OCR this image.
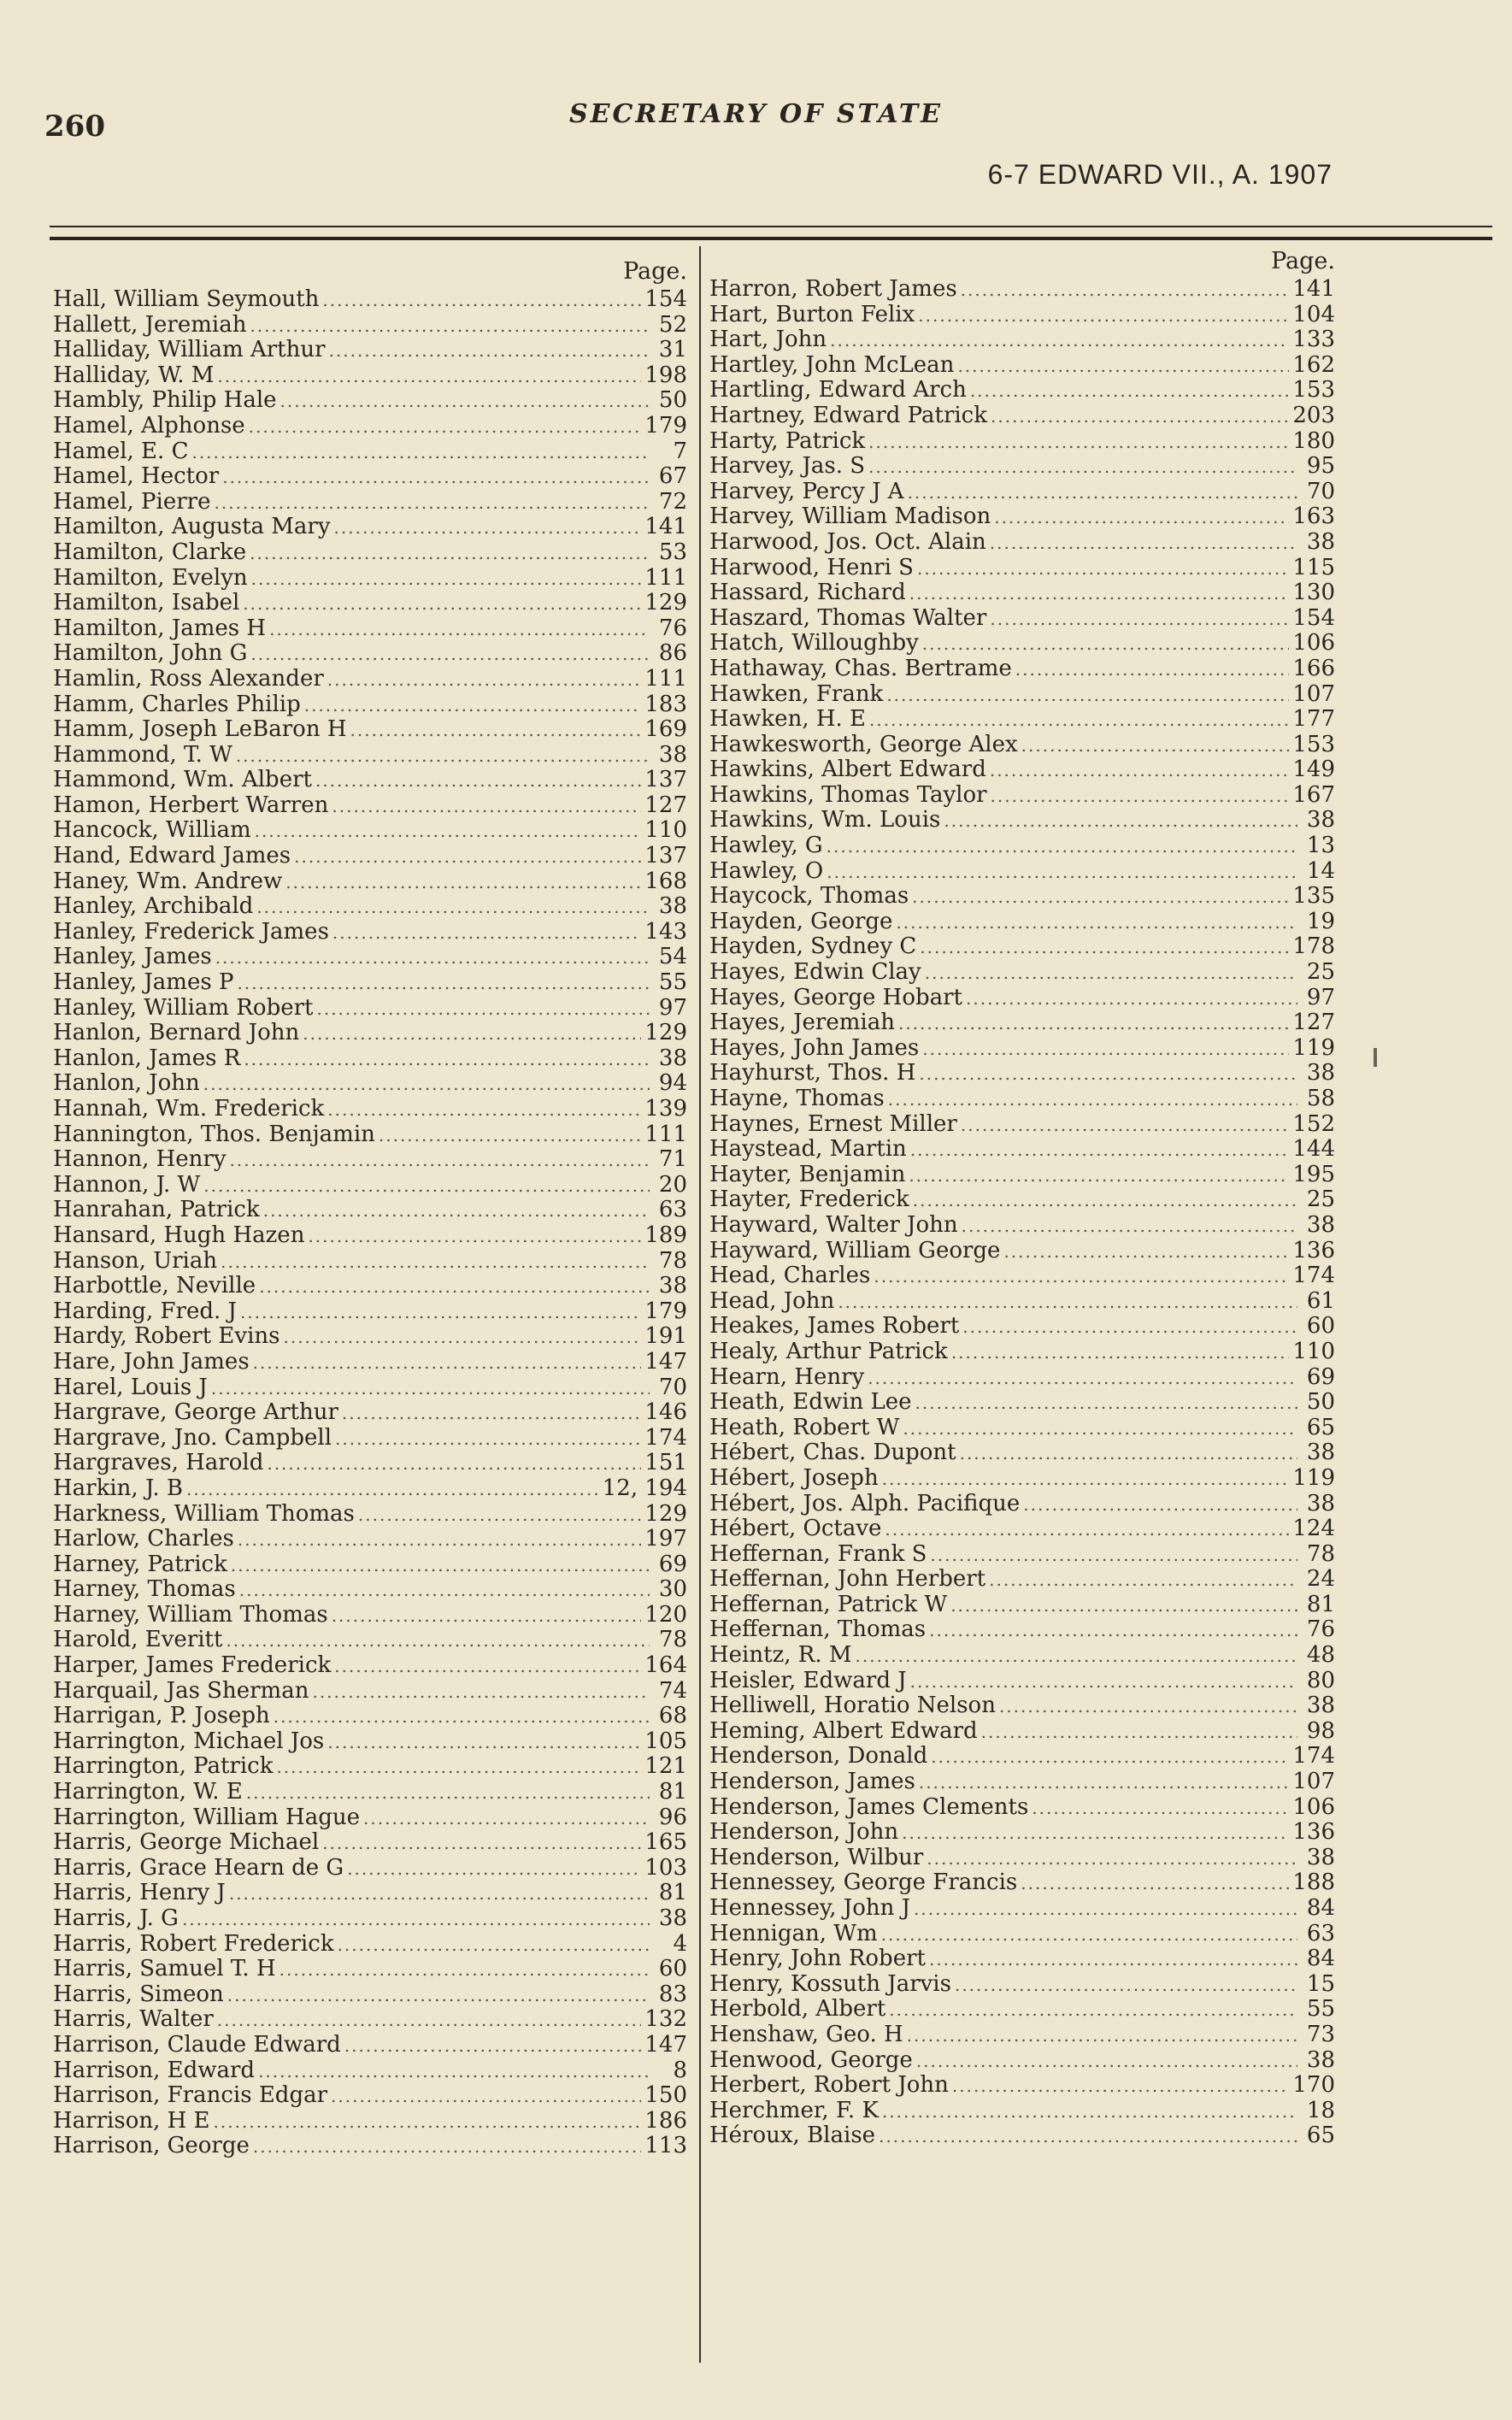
260	SECRETARY OF STATE
6-7 EDWARD VII., A. 1907
Page.
Hall, William Seymouth .....	154
Hallett, Jeremiah .....	52
Halliday, William Arthur .....	31
Halliday, W. M .....	198
Hambly, Philip Hale .....	50
Hamel, Alphonse .....	179
Hamel, E. C .....	7
Hamel, Hector .....	67
Hamel, Pierre .....	72
Hamilton, Augusta Mary .....	141
Hamilton, Clarke .....	53
Hamilton, Evelyn .....	111
Hamilton, Isabel .....	129
Hamilton, James H .....	76
Hamilton, John G .....	86
Hamlin, Ross Alexander .....	111
Hamm, Charles Philip .....	183
Hamm, Joseph LeBaron H .....	169
Hammond, T. W .....	38
Hammond, Wm. Albert .....	137
Hamon, Herbert Warren .....	127
Hancock, William .....	110
Hand, Edward James .....	137
Haney, Wm. Andrew .....	168
Hanley, Archibald .....	38
Hanley, Frederick James .....	143
Hanley, James .....	54
Hanley, James P .....	55
Hanley, William Robert .....	97
Hanlon, Bernard John .....	129
Hanlon, James R .....	38
Hanlon, John .....	94
Hannah, Wm. Frederick .....	139
Hannington, Thos. Benjamin .....	111
Hannon, Henry .....	71
Hannon, J. W .....	20
Hanrahan, Patrick .....	63
Hansard, Hugh Hazen .....	189
Hanson, Uriah .....	78
Harbottle, Neville .....	38
Harding, Fred. J .....	179
Hardy, Robert Evins .....	191
Hare, John James .....	147
Harel, Louis J .....	70
Hargrave, George Arthur .....	146
Hargrave, Jno. Campbell .....	174
Hargraves, Harold .....	151
Harkin, J. B .....	12, 194
Harkness, William Thomas .....	129
Harlow, Charles .....	197
Harney, Patrick .....	69
Harney, Thomas .....	30
Harney, William Thomas .....	120
Harold, Everitt .....	78
Harper, James Frederick .....	164
Harquail, Jas Sherman .....	74
Harrigan, P. Joseph .....	68
Harrington, Michael Jos .....	105
Harrington, Patrick .....	121
Harrington, W. E .....	81
Harrington, William Hague .....	96
Harris, George Michael .....	165
Harris, Grace Hearn de G .....	103
Harris, Henry J .....	81
Harris, J. G .....	38
Harris, Robert Frederick .....	4
Harris, Samuel T. H .....	60
Harris, Simeon .....	83
Harris, Walter .....	132
Harrison, Claude Edward .....	147
Harrison, Edward .....	8
Harrison, Francis Edgar .....	150
Harrison, H E .....	186
Harrison, George .....	113
Page.
Harron, Robert James .....	141
Hart, Burton Felix .....	104
Hart, John .....	133
Hartley, John McLean .....	162
Hartling, Edward Arch .....	153
Hartney, Edward Patrick .....	203
Harty, Patrick .....	180
Harvey, Jas. S .....	95
Harvey, Percy J A .....	70
Harvey, William Madison .....	163
Harwood, Jos. Oct. Alain .....	38
Harwood, Henri S .....	115
Hassard, Richard .....	130
Haszard, Thomas Walter .....	154
Hatch, Willoughby .....	106
Hathaway, Chas. Bertrame .....	166
Hawken, Frank .....	107
Hawken, H. E .....	177
Hawkesworth, George Alex .....	153
Hawkins, Albert Edward .....	149
Hawkins, Thomas Taylor .....	167
Hawkins, Wm. Louis .....	38
Hawley, G .....	13
Hawley, O .....	14
Haycock, Thomas .....	135
Hayden, George .....	19
Hayden, Sydney C .....	178
Hayes, Edwin Clay .....	25
Hayes, George Hobart .....	97
Hayes, Jeremiah .....	127
Hayes, John James .....	119
Hayhurst, Thos. H .....	38
Hayne, Thomas .....	58
Haynes, Ernest Miller .....	152
Haystead, Martin .....	144
Hayter, Benjamin .....	195
Hayter, Frederick .....	25
Hayward, Walter John .....	38
Hayward, William George .....	136
Head, Charles .....	174
Head, John .....	61
Heakes, James Robert .....	60
Healy, Arthur Patrick .....	110
Hearn, Henry .....	69
Heath, Edwin Lee .....	50
Heath, Robert W .....	65
Hébert, Chas. Dupont .....	38
Hébert, Joseph .....	119
Hébert, Jos. Alph. Pacifique .....	38
Hébert, Octave .....	124
Heffernan, Frank S .....	78
Heffernan, John Herbert .....	24
Heffernan, Patrick W .....	81
Heffernan, Thomas .....	76
Heintz, R. M .....	48
Heisler, Edward J .....	80
Helliwell, Horatio Nelson .....	38
Heming, Albert Edward .....	98
Henderson, Donald .....	174
Henderson, James .....	107
Henderson, James Clements .....	106
Henderson, John .....	136
Henderson, Wilbur .....	38
Hennessey, George Francis .....	188
Hennessey, John J .....	84
Hennigan, Wm .....	63
Henry, John Robert .....	84
Henry, Kossuth Jarvis .....	15
Herbold, Albert .....	55
Henshaw, Geo. H .....	73
Henwood, George .....	38
Herbert, Robert John .....	170
Herchmer, F. K .....	18
Héroux, Blaise .....	65
